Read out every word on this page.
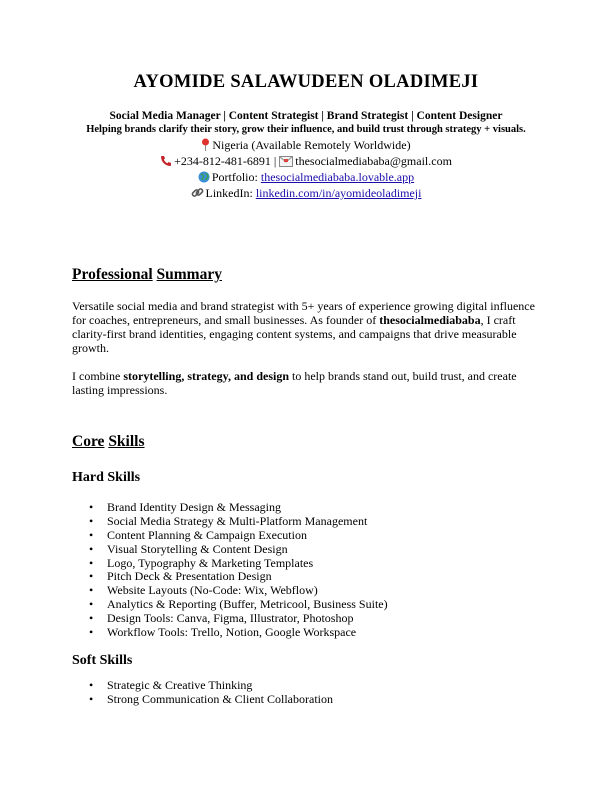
AYOMIDE SALAWUDEEN OLADIMEJI
Social Media Manager | Content Strategist | Brand Strategist | Content Designer
Helping brands clarify their story, grow their influence, and build trust through strategy + visuals.
Nigeria (Available Remotely Worldwide)
+234-812-481-6891 | thesocialmediababa@gmail.com
Portfolio: thesocialmediababa.lovable.app
LinkedIn: linkedin.com/in/ayomideoladimeji
Professional Summary
Versatile social media and brand strategist with 5+ years of experience growing digital influence for coaches, entrepreneurs, and small businesses. As founder of thesocialmediababa, I craft clarity-first brand identities, engaging content systems, and campaigns that drive measurable growth.
I combine storytelling, strategy, and design to help brands stand out, build trust, and create lasting impressions.
Core Skills
Hard Skills
• Brand Identity Design & Messaging
• Social Media Strategy & Multi-Platform Management
• Content Planning & Campaign Execution
• Visual Storytelling & Content Design
• Logo, Typography & Marketing Templates
• Pitch Deck & Presentation Design
• Website Layouts (No-Code: Wix, Webflow)
• Analytics & Reporting (Buffer, Metricool, Business Suite)
• Design Tools: Canva, Figma, Illustrator, Photoshop
• Workflow Tools: Trello, Notion, Google Workspace
Soft Skills
• Strategic & Creative Thinking
• Strong Communication & Client Collaboration
